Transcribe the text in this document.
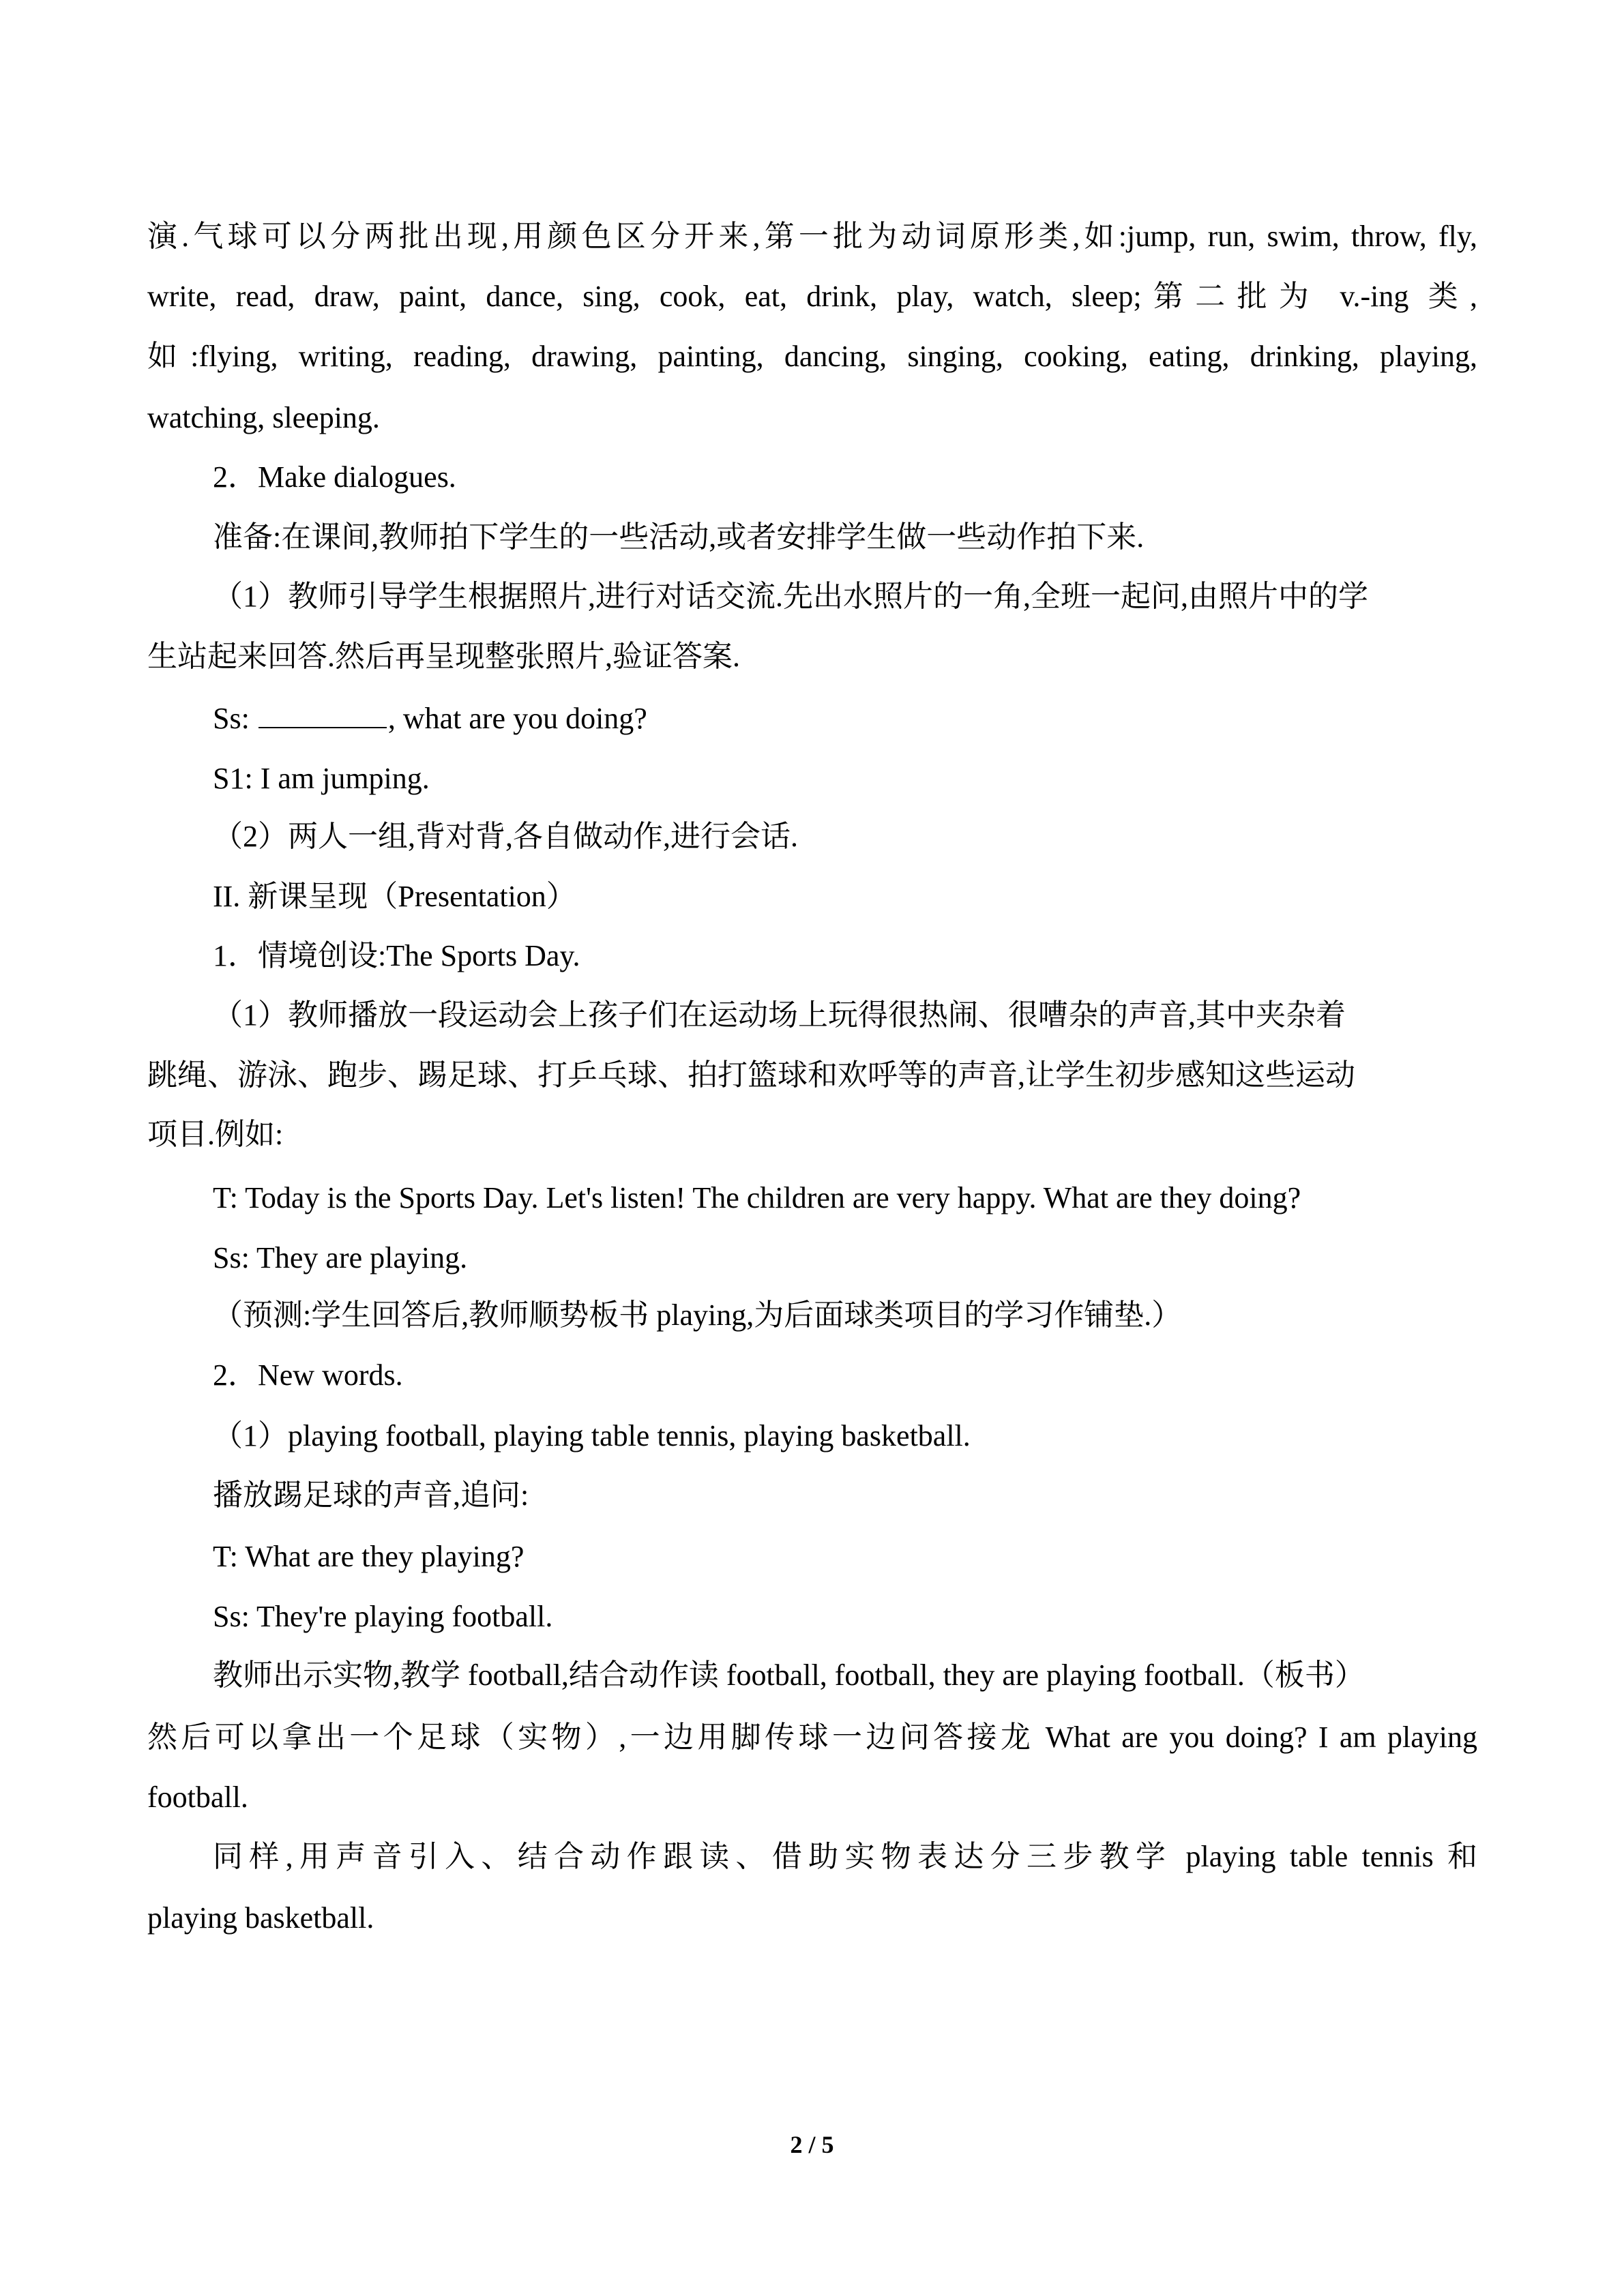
演.气球可以分两批出现,用颜色区分开来,第一批为动词原形类,如:jump, run, swim, throw, fly,
write, read, draw, paint, dance, sing, cook, eat, drink, play, watch, sleep;第二批为 v.-ing 类,
如:flying, writing, reading, drawing, painting, dancing, singing, cooking, eating, drinking, playing,
watching, sleeping.
2．Make dialogues.
准备:在课间,教师拍下学生的一些活动,或者安排学生做一些动作拍下来.
（1）教师引导学生根据照片,进行对话交流.先出水照片的一角,全班一起问,由照片中的学
生站起来回答.然后再呈现整张照片,验证答案.
Ss:	, what are you doing?
S1: I am jumping.
（2）两人一组,背对背,各自做动作,进行会话.
II. 新课呈现（Presentation）
1．情境创设:The Sports Day.
（1）教师播放一段运动会上孩子们在运动场上玩得很热闹、很嘈杂的声音,其中夹杂着
跳绳、游泳、跑步、踢足球、打乒乓球、拍打篮球和欢呼等的声音,让学生初步感知这些运动
项目.例如:
T: Today is the Sports Day. Let's listen! The children are very happy. What are they doing?
Ss: They are playing.
（预测:学生回答后,教师顺势板书 playing,为后面球类项目的学习作铺垫.）
2．New words.
（1）playing football, playing table tennis, playing basketball.
播放踢足球的声音,追问:
T: What are they playing?
Ss: They're playing football.
教师出示实物,教学 football,结合动作读 football, football, they are playing football.（板书）
然后可以拿出一个足球（实物）,一边用脚传球一边问答接龙 What are you doing? I am playing
football.
同样,用声音引入、结合动作跟读、借助实物表达分三步教学 playing table tennis 和
playing basketball.
2 / 5
